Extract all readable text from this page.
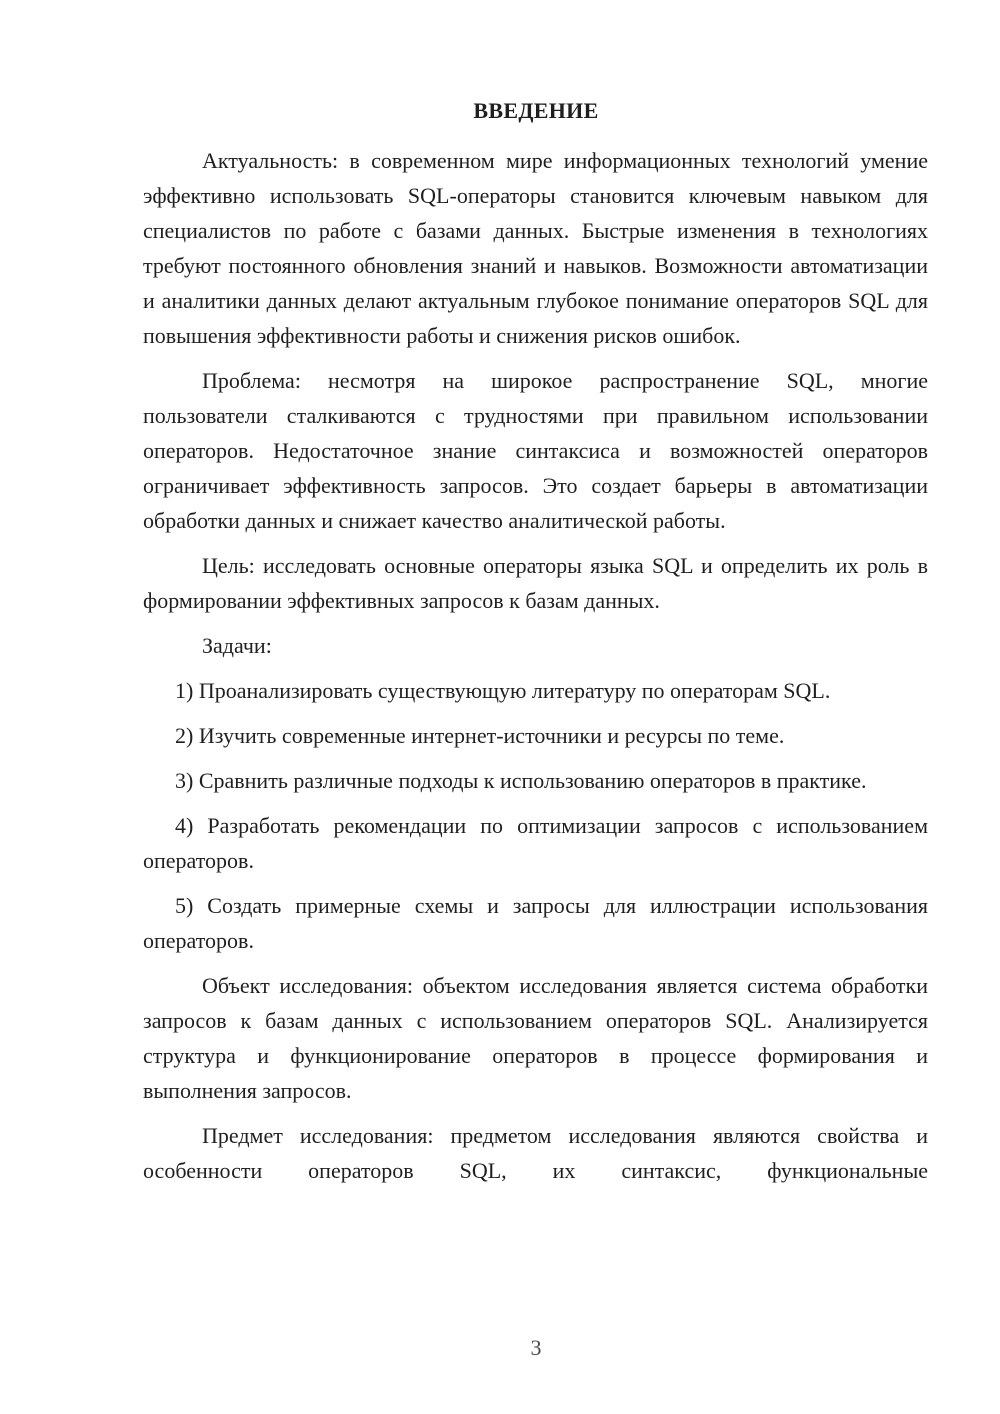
ВВЕДЕНИЕ

Актуальность: в современном мире информационных технологий умение эффективно использовать SQL-операторы становится ключевым навыком для специалистов по работе с базами данных. Быстрые изменения в технологиях требуют постоянного обновления знаний и навыков. Возможности автоматизации и аналитики данных делают актуальным глубокое понимание операторов SQL для повышения эффективности работы и снижения рисков ошибок.

Проблема: несмотря на широкое распространение SQL, многие пользователи сталкиваются с трудностями при правильном использовании операторов. Недостаточное знание синтаксиса и возможностей операторов ограничивает эффективность запросов. Это создает барьеры в автоматизации обработки данных и снижает качество аналитической работы.

Цель: исследовать основные операторы языка SQL и определить их роль в формировании эффективных запросов к базам данных.

Задачи:

1) Проанализировать существующую литературу по операторам SQL.

2) Изучить современные интернет-источники и ресурсы по теме.

3) Сравнить различные подходы к использованию операторов в практике.

4) Разработать рекомендации по оптимизации запросов с использованием операторов.

5) Создать примерные схемы и запросы для иллюстрации использования операторов.

Объект исследования: объектом исследования является система обработки запросов к базам данных с использованием операторов SQL. Анализируется структура и функционирование операторов в процессе формирования и выполнения запросов.

Предмет исследования: предметом исследования являются свойства и особенности операторов SQL, их синтаксис, функциональные

3
